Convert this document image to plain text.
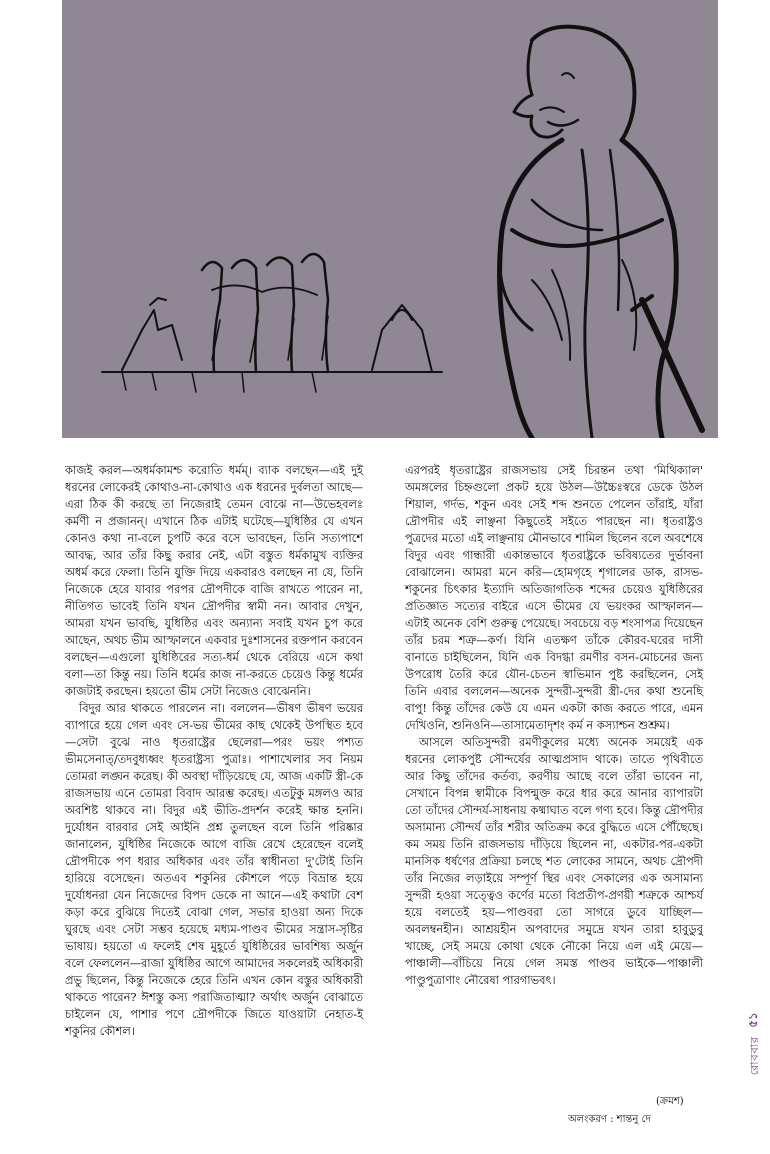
কাজই করল—অধর্মকামশ্চ করোতি ধর্মম্‌। ব্যাক বলছেন—এই দুই ধরনের লোকেরই কোথাও-না-কোথাও এক ধরনের দুর্বলতা আছে—এরা ঠিক কী করছে তা নিজেরাই তেমন বোঝে না—উভেহবলঃ কর্মণী ন প্রজানন্‌। এখানে ঠিক এটাই ঘটেছে—যুধিষ্ঠির যে এখন কোনও কথা না-বলে চুপটি করে বসে ভাবছেন, তিনি সত্যপাশে আবদ্ধ, আর তাঁর কিছু করার নেই, এটা বস্তুত ধর্মকামুখ ব্যক্তির অধর্ম করে ফেলা। তিনি যুক্তি দিয়ে একবারও বলছেন না যে, তিনি নিজেকে হেরে যাবার পরপর দ্রৌপদীকে বাজি রাখতে পারেন না, নীতিগত ভাবেই তিনি যখন দ্রৌপদীর স্বামী নন। আবার দেখুন, আমরা যখন ভাবছি, যুধিষ্ঠির এবং অন্যান্য সবাই যখন চুপ করে আছেন, অথচ ভীম আস্ফালনে একবার দুঃশাসনের রক্তপান করবেন বলছেন—এগুলো যুধিষ্ঠিরের সত্য-ধর্ম থেকে বেরিয়ে এসে কথা বলা—তা কিন্তু নয়। তিনি ধর্মের কাজ না-করতে চেয়েও কিন্তু ধর্মের কাজটাই করছেন। হয়তো ভীম সেটা নিজেও বোঝেননি।

বিদুর আর থাকতে পারলেন না। বললেন—ভীষণ ভীষণ ভয়ের ব্যাপারে হয়ে গেল এবং সে-ভয় ভীমের কাছ থেকেই উপস্থিত হবে—সেটা বুঝে নাও ধৃতরাষ্ট্রের ছেলেরা—পরং ভয়ং পশ্যত ভীমসেনাত্‌/তদবুধ্যধ্বং ধৃতরাষ্ট্রস্য পুত্রাঃ। পাশাখেলার সব নিয়ম তোমরা লঙ্ঘন করেছ। কী অবস্থা দাঁড়িয়েছে যে, আজ একটি স্ত্রী-কে রাজসভায় এনে তোমরা বিবাদ আরম্ভ করেছ। এতটুকু মঙ্গলও আর অবশিষ্ট থাকবে না। বিদুর এই ভীতি-প্রদর্শন করেই ক্ষান্ত হননি। দুর্যোধন বারবার সেই আইনি প্রশ্ন তুলছেন বলে তিনি পরিষ্কার জানালেন, যুধিষ্ঠির নিজেকে আগে বাজি রেখে হেরেছেন বলেই দ্রৌপদীকে পণ ধরার অধিকার এবং তাঁর স্বাধীনতা দু'টোই তিনি হারিয়ে বসেছেন। অতএব শকুনির কৌশলে পড়ে বিভ্রান্ত হয়ে দুর্যোধনরা যেন নিজেদের বিপদ ডেকে না আনে—এই কথাটা বেশ কড়া করে বুঝিয়ে দিতেই বোঝা গেল, সভার হাওয়া অন্য দিকে ঘুরছে এবং সেটা সম্ভব হয়েছে মধ্যম-পাণ্ডব ভীমের সন্ত্রাস-সৃষ্টির ভাষায়। হয়তো এ ফলেই শেষ মুহূর্তে যুধিষ্ঠিরের ভাবশিষ্য অর্জুন বলে ফেললেন—রাজা যুধিষ্ঠির আগে আমাদের সকলেরই অধিকারী প্রভু ছিলেন, কিন্তু নিজেকে হেরে তিনি এখন কোন বস্তুর অধিকারী থাকতে পারেন? ঈশস্তু কস্য পরাজিতাত্মা? অর্থাৎ অর্জুন বোঝাতে চাইলেন যে, পাশার পণে দ্রৌপদীকে জিতে যাওয়াটা নেহাত-ই শকুনির কৌশল।

এরপরই ধৃতরাষ্ট্রের রাজসভায় সেই চিরন্তন তথা 'মিথিক্যাল' অমঙ্গলের চিহ্নগুলো প্রকট হয়ে উঠল—উচ্চৈঃস্বরে ডেকে উঠল শিয়াল, গর্দভ, শকুন এবং সেই শব্দ শুনতে পেলেন তাঁরাই, যাঁরা দ্রৌপদীর এই লাঞ্ছনা কিছুতেই সইতে পারছেন না। ধৃতরাষ্ট্রও পুত্রদের মতো এই লাঞ্ছনায় মৌনভাবে শামিল ছিলেন বলে অবশেষে বিদুর এবং গান্ধারী একান্তভাবে ধৃতরাষ্ট্রকে ভবিষ্যতের দুর্ভাবনা বোঝালেন। আমরা মনে করি—হোমগৃহে শৃগালের ডাক, রাসভ-শকুনের চিৎকার ইত্যাদি অতিজাগতিক শব্দের চেয়েও যুধিষ্ঠিরের প্রতিজ্ঞাত সত্যের বাইরে এসে ভীমের যে ভয়ংকর আস্ফালন—এটাই অনেক বেশি গুরুত্ব পেয়েছে। সবচেয়ে বড় শংসাপত্র দিয়েছেন তাঁর চরম শত্রু—কর্ণ। যিনি এতক্ষণ তাঁকে কৌরব-ঘরের দাসী বানাতে চাইছিলেন, যিনি এক বিদগ্ধা রমণীর বসন-মোচনের জন্য উপরোধ তৈরি করে যৌন-চেতন স্বাভিমান পুষ্ট করছিলেন, সেই তিনি এবার বললেন—অনেক সুন্দরী-সুন্দরী স্ত্রী-দের কথা শুনেছি বাপু! কিন্তু তাঁদের কেউ যে এমন একটা কাজ করতে পারে, এমন দেখিওনি, শুনিওনি—তাসামেতাদৃশং কর্ম ন কস্যাশ্চন শুশ্রুম।

আসলে অতিসুন্দরী রমণীকুলের মধ্যে অনেক সময়েই এক ধরনের লোকপুষ্ট সৌন্দর্যের আত্মপ্রসাদ থাকে। তাতে পৃথিবীতে আর কিছু তাঁদের কর্তব্য, করণীয় আছে বলে তাঁরা ভাবেন না, সেখানে বিপন্ন স্বামীকে বিপন্মুক্ত করে ধার করে আনার ব্যাপারটা তো তাঁদের সৌন্দর্য-সাধনায় কষ্মাঘাত বলে গণ্য হবে। কিন্তু দ্রৌপদীর অসামান্য সৌন্দর্য তাঁর শরীর অতিক্রম করে বুদ্ধিতে এসে পৌঁছেছে। কম সময় তিনি রাজসভায় দাঁড়িয়ে ছিলেন না, একটার-পর-একটা মানসিক ধর্ষণের প্রক্রিয়া চলছে শত লোকের সামনে, অথচ দ্রৌপদী তাঁর নিজের লড়াইয়ে সম্পূর্ণ স্থির এবং সেকালের এক অসামান্য সুন্দরী হওয়া সত্ত্বেও কর্ণের মতো বিপ্রতীপ-প্রণয়ী শত্রুকে আশ্চর্য হয়ে বলতেই হয়—পাণ্ডবরা তো সাগরে ডুবে যাচ্ছিল—অবলম্বনহীন। আশ্রয়হীন অপবাদের সমুদ্রে যখন তারা হাবুডুবু খাচ্ছে, সেই সময়ে কোথা থেকে নৌকো নিয়ে এল এই মেয়ে—পাঞ্চালী—বাঁচিয়ে নিয়ে গেল সমস্ত পাণ্ডব ভাইকে—পাঞ্চালী পাণ্ডুপুত্রাণাং নৌরেষা পারগাভবৎ।

(ক্রমশ)
অলংকরণ : শান্তনু দে
৫১
রোববার
